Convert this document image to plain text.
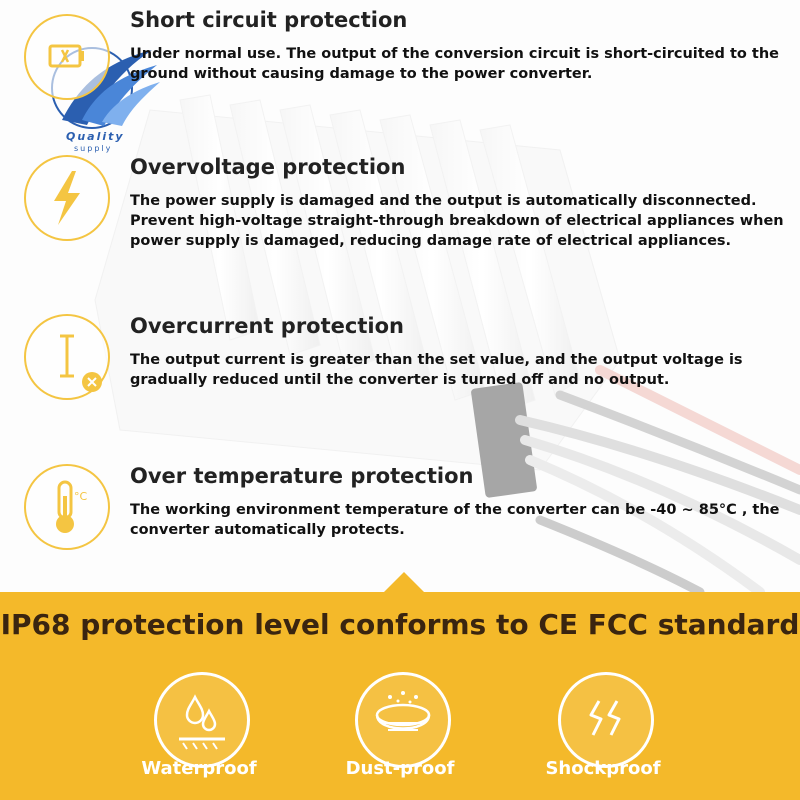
Quality
supply
Short circuit protection
Under normal use. The output of the conversion circuit is short-circuited to the ground without causing damage to the power converter.
Overvoltage protection
The power supply is damaged and the output is automatically disconnected. Prevent high-voltage straight-through breakdown of electrical appliances when power supply is damaged, reducing damage rate of electrical appliances.
Overcurrent protection
The output current is greater than the set value, and the output voltage is gradually reduced until the converter is turned off and no output.
°C
Over temperature protection
The working environment temperature of the converter can be -40 ~ 85°C , the converter automatically protects.
IP68 protection level conforms to CE FCC standard
Waterproof	Dust-proof	Shockproof
